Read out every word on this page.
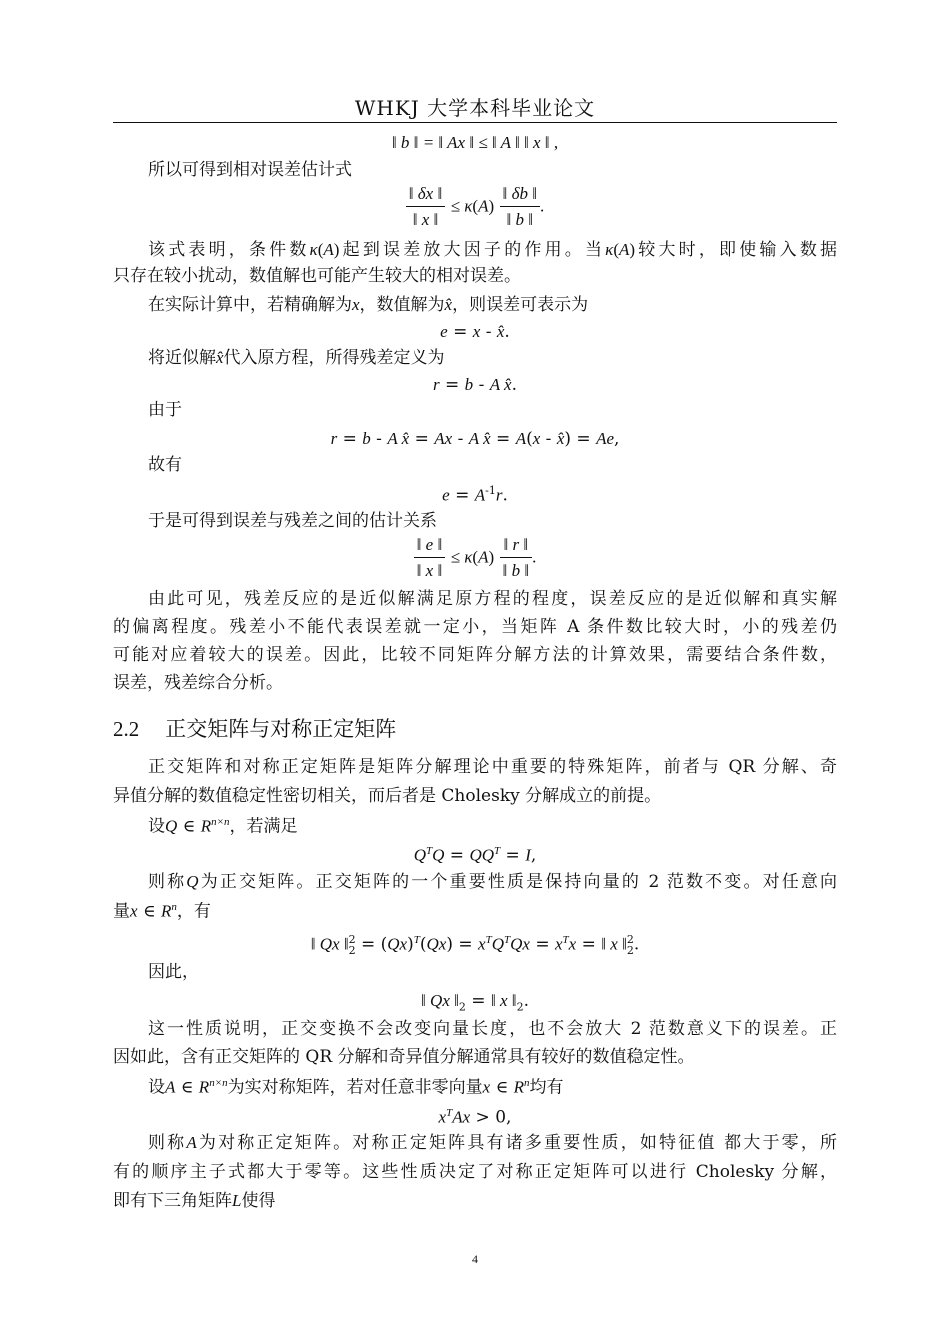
WHKJ 大学本科毕业论文
‖ b ‖ = ‖ Ax ‖ ≤ ‖ A ‖ ‖ x ‖ ,
所以可得到相对误差估计式
$\frac{‖ \delta x ‖}{‖ x ‖} \le \kappa(A) \frac{‖ \delta b ‖}{‖ b ‖}$ .
该式表明，条件数κ(A)起到误差放大因子的作用。当κ(A)较大时，即使输入数据
只存在较小扰动，数值解也可能产生较大的相对误差。
在实际计算中，若精确解为x，数值解为x̂，则误差可表示为
e = x - x̂.
将近似解x̂代入原方程，所得残差定义为
r = b - A x̂.
由于
r = b - A x̂ = Ax - A x̂ = A(x - x̂) = Ae,
故有
$e = A^{-1}r$.
于是可得到误差与残差之间的估计关系
$\frac{‖ e ‖}{‖ x ‖} \le \kappa(A) \frac{‖ r ‖}{‖ b ‖}$ .
由此可见，残差反应的是近似解满足原方程的程度，误差反应的是近似解和真实解
的偏离程度。残差小不能代表误差就一定小，当矩阵 A 条件数比较大时，小的残差仍
可能对应着较大的误差。因此，比较不同矩阵分解方法的计算效果，需要结合条件数，
误差，残差综合分析。
2.2 正交矩阵与对称正定矩阵
正交矩阵和对称正定矩阵是矩阵分解理论中重要的特殊矩阵，前者与 QR 分解、奇
异值分解的数值稳定性密切相关，而后者是 Cholesky 分解成立的前提。
设Q ∈ $R^{n\times n}$，若满足
$Q^TQ = QQ^T = I$,
则称Q为正交矩阵。正交矩阵的一个重要性质是保持向量的 2 范数不变。对任意向
量x ∈ $R^n$，有
‖ Qx ‖$^2_2$ = $(Qx)^T(Qx) = x^TQ^TQx = x^Tx$ = ‖ x ‖$^2_2$.
因此，
‖ Qx $‖_2$ = ‖ x $‖_2$.
这一性质说明，正交变换不会改变向量长度，也不会放大 2 范数意义下的误差。正
因如此，含有正交矩阵的 QR 分解和奇异值分解通常具有较好的数值稳定性。
设A ∈ $R^{n\times n}$为实对称矩阵，若对任意非零向量x ∈ $R^n$均有
$x^TAx > 0$,
则称A为对称正定矩阵。对称正定矩阵具有诸多重要性质，如特征值 都大于零，所
有的顺序主子式都大于零等。这些性质决定了对称正定矩阵可以进行 Cholesky 分解，
即有下三角矩阵L使得
4
